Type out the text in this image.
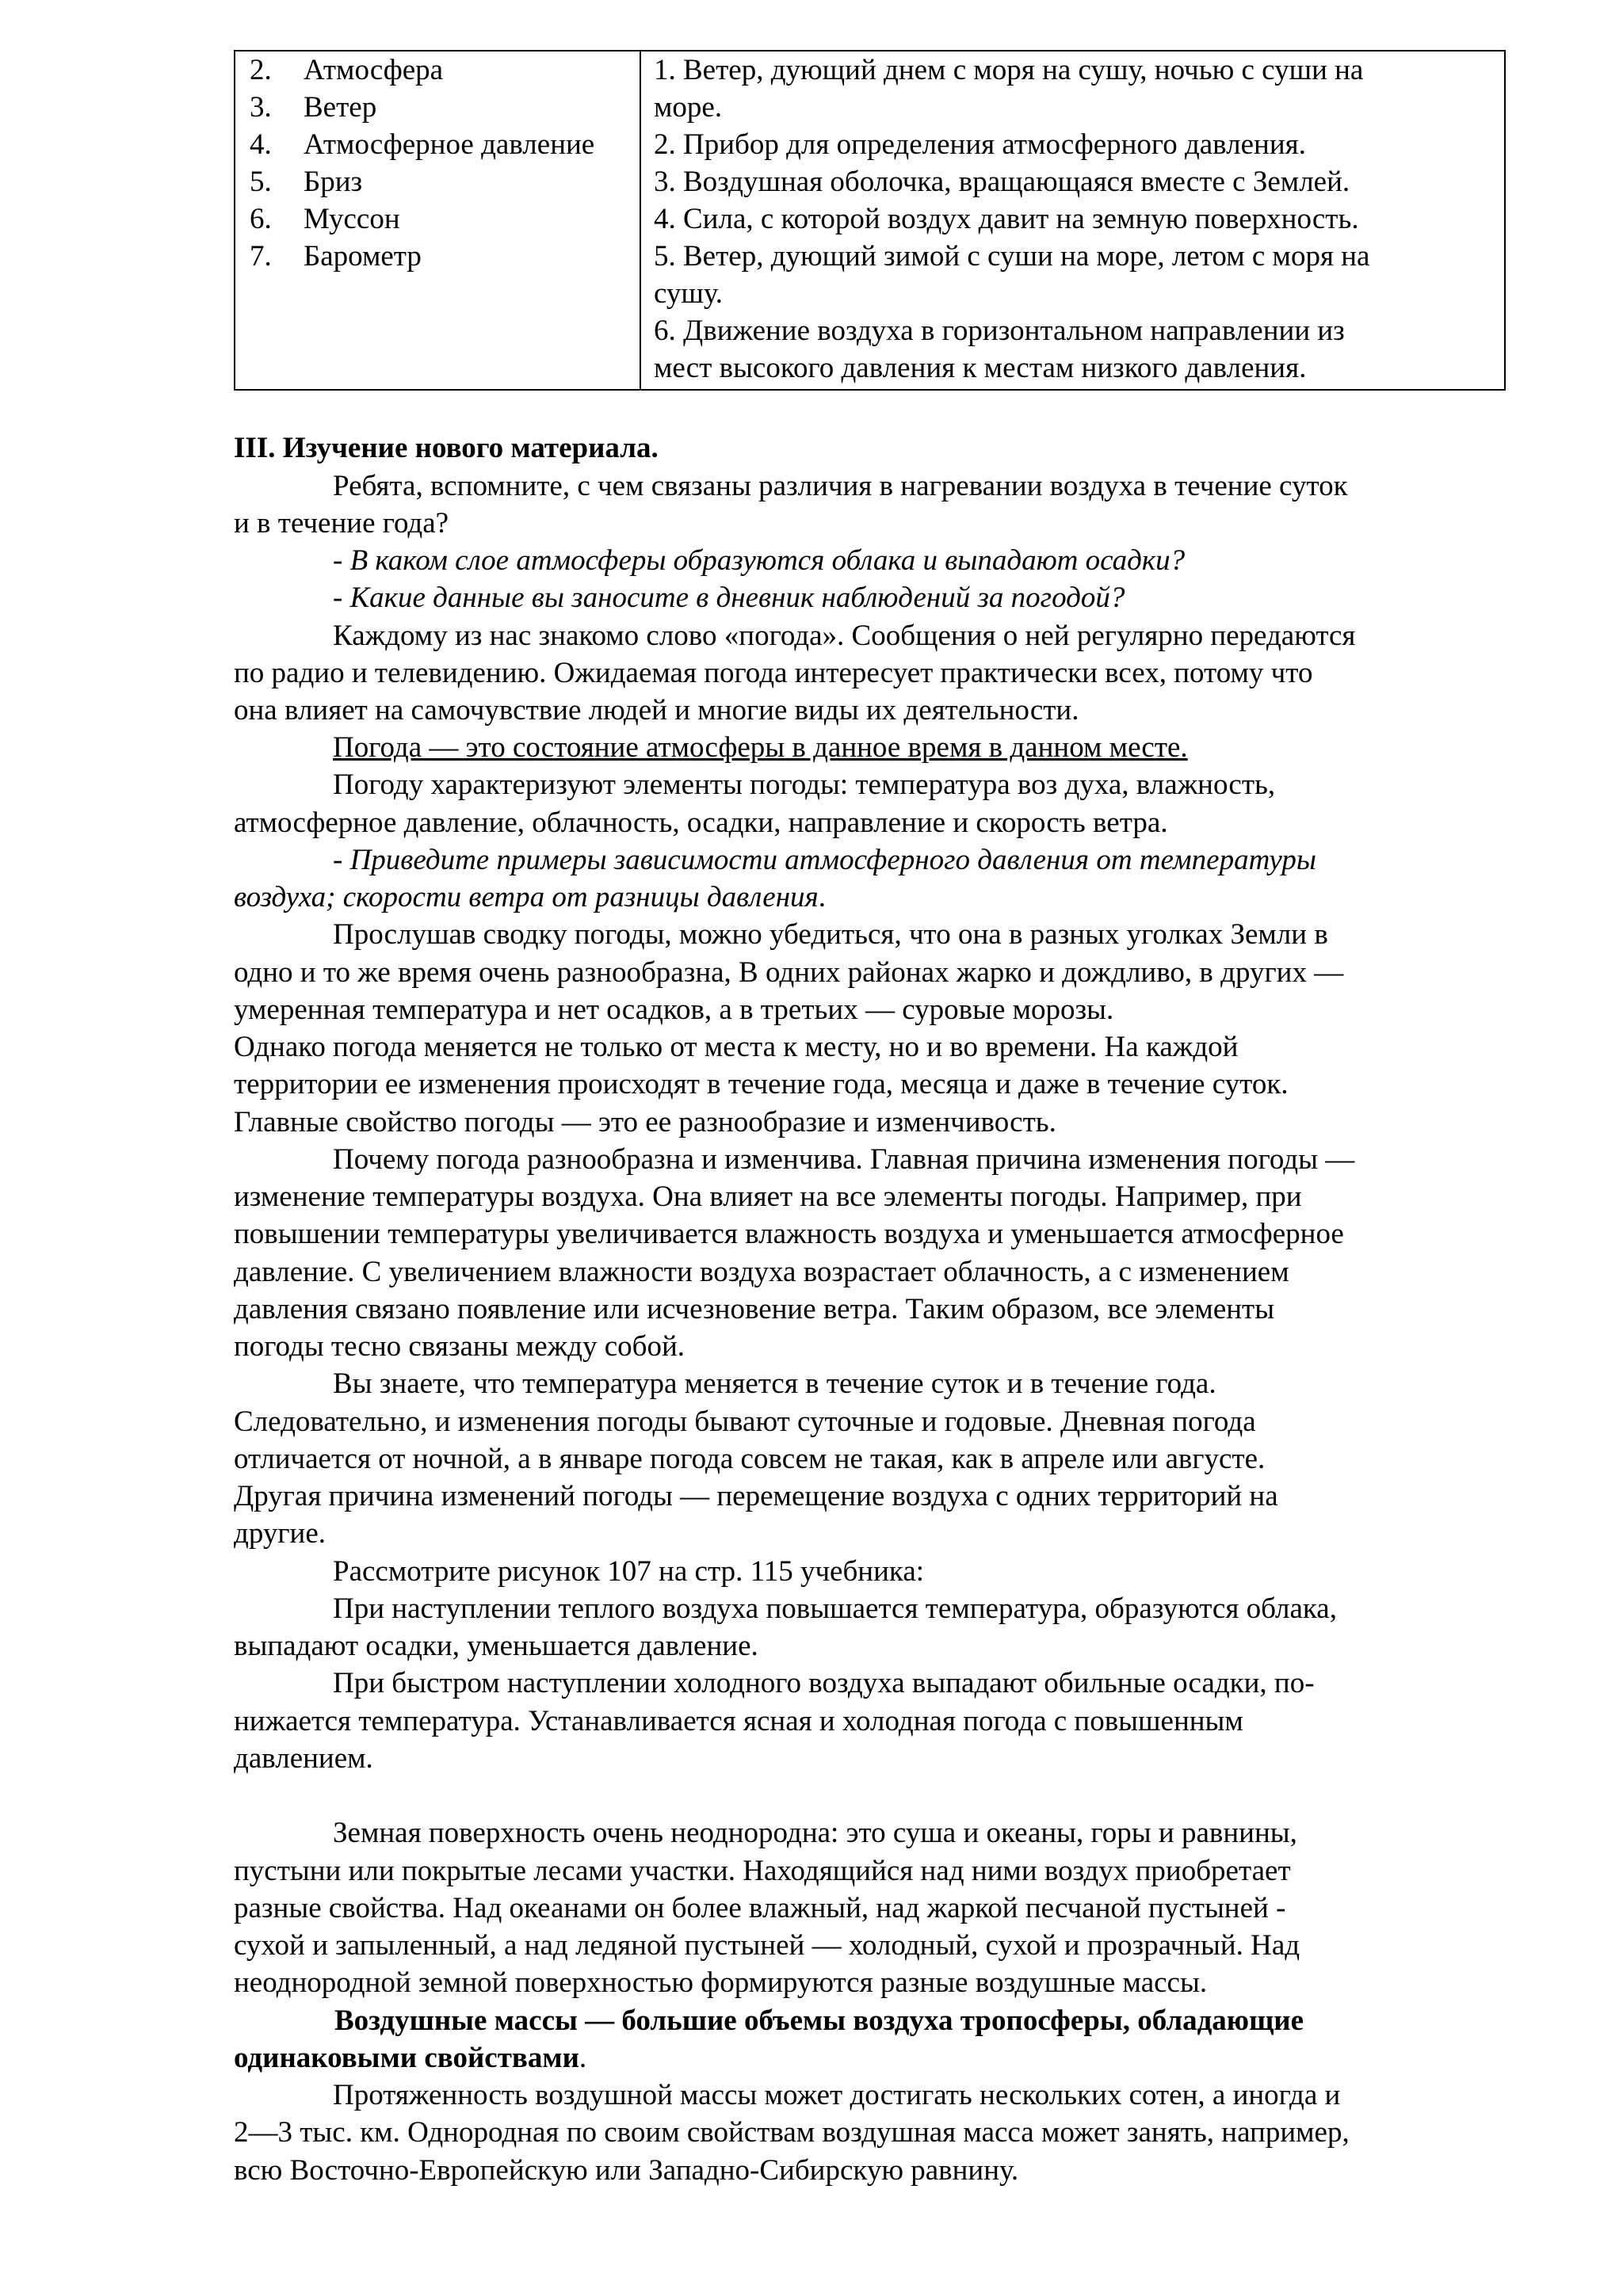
2. Атмосфера
3. Ветер
4. Атмосферное давление
5. Бриз
6. Муссон
7. Барометр
1. Ветер, дующий днем с моря на сушу, ночью с суши на
море.
2. Прибор для определения атмосферного давления.
3. Воздушная оболочка, вращающаяся вместе с Землей.
4. Сила, с которой воздух давит на земную поверхность.
5. Ветер, дующий зимой с суши на море, летом с моря на
сушу.
6. Движение воздуха в горизонтальном направлении из
мест высокого давления к местам низкого давления.
III. Изучение нового материала.
Ребята, вспомните, с чем связаны различия в нагревании воздуха в течение суток
и в течение года?
- В каком слое атмосферы образуются облака и выпадают осадки?
- Какие данные вы заносите в дневник наблюдений за погодой?
Каждому из нас знакомо слово «погода». Сообщения о ней регулярно передаются
по радио и телевидению. Ожидаемая погода интересует практически всех, потому что
она влияет на самочувствие людей и многие виды их деятельности.
Погода — это состояние атмосферы в данное время в данном месте.
Погоду характеризуют элементы погоды: температура воз духа, влажность,
атмосферное давление, облачность, осадки, направление и скорость ветра.
- Приведите примеры зависимости атмосферного давления от температуры
воздуха; скорости ветра от разницы давления.
Прослушав сводку погоды, можно убедиться, что она в разных уголках Земли в
одно и то же время очень разнообразна, В одних районах жарко и дождливо, в других —
умеренная температура и нет осадков, а в третьих — суровые морозы.
Однако погода меняется не только от места к месту, но и во времени. На каждой
территории ее изменения происходят в течение года, месяца и даже в течение суток.
Главные свойство погоды — это ее разнообразие и изменчивость.
Почему погода разнообразна и изменчива. Главная причина изменения погоды —
изменение температуры воздуха. Она влияет на все элементы погоды. Например, при
повышении температуры увеличивается влажность воздуха и уменьшается атмосферное
давление. С увеличением влажности воздуха возрастает облачность, а с изменением
давления связано появление или исчезновение ветра. Таким образом, все элементы
погоды тесно связаны между собой.
Вы знаете, что температура меняется в течение суток и в течение года.
Следовательно, и изменения погоды бывают суточные и годовые. Дневная погода
отличается от ночной, а в январе погода совсем не такая, как в апреле или августе.
Другая причина изменений погоды — перемещение воздуха с одних территорий на
другие.
Рассмотрите рисунок 107 на стр. 115 учебника:
При наступлении теплого воздуха повышается температура, образуются облака,
выпадают осадки, уменьшается давление.
При быстром наступлении холодного воздуха выпадают обильные осадки, по-
нижается температура. Устанавливается ясная и холодная погода с повышенным
давлением.
Земная поверхность очень неоднородна: это суша и океаны, горы и равнины,
пустыни или покрытые лесами участки. Находящийся над ними воздух приобретает
разные свойства. Над океанами он более влажный, над жаркой песчаной пустыней -
сухой и запыленный, а над ледяной пустыней — холодный, сухой и прозрачный. Над
неоднородной земной поверхностью формируются разные воздушные массы.
Воздушные массы — большие объемы воздуха тропосферы, обладающие
одинаковыми свойствами.
Протяженность воздушной массы может достигать нескольких сотен, а иногда и
2—3 тыс. км. Однородная по своим свойствам воздушная масса может занять, например,
всю Восточно-Европейскую или Западно-Сибирскую равнину.
